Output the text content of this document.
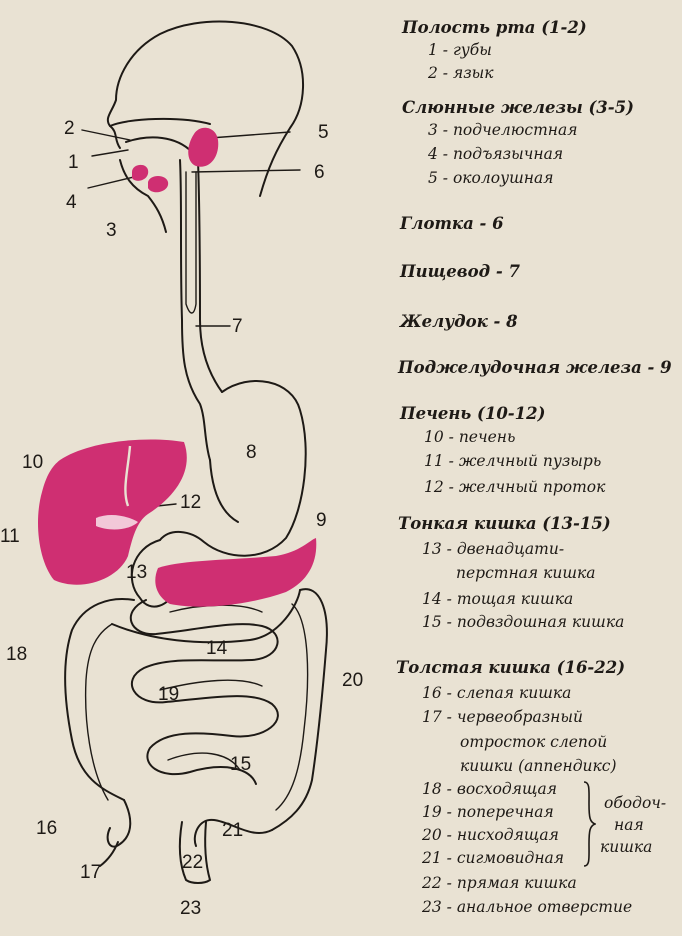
1
2
3
4
5
6
7
8
9
10
11
12
13
14
15
16
17
18
19
20
21
22
23
Полость рта (1-2)
1 - губы
2 - язык
Слюнные железы (3-5)
3 - подчелюстная
4 - подъязычная
5 - околоушная
Глотка - 6
Пищевод - 7
Желудок - 8
Поджелудочная железа - 9
Печень (10-12)
10 - печень
11 - желчный пузырь
12 - желчный проток
Тонкая кишка (13-15)
13 - двенадцати-
перстная кишка
14 - тощая кишка
15 - подвздошная кишка
Толстая кишка (16-22)
16 - слепая кишка
17 - червеобразный
отросток слепой
кишки (аппендикс)
18 - восходящая
19 - поперечная
20 - нисходящая
21 - сигмовидная
22 - прямая кишка
23 - анальное отверстие
ободоч-
ная
кишка
